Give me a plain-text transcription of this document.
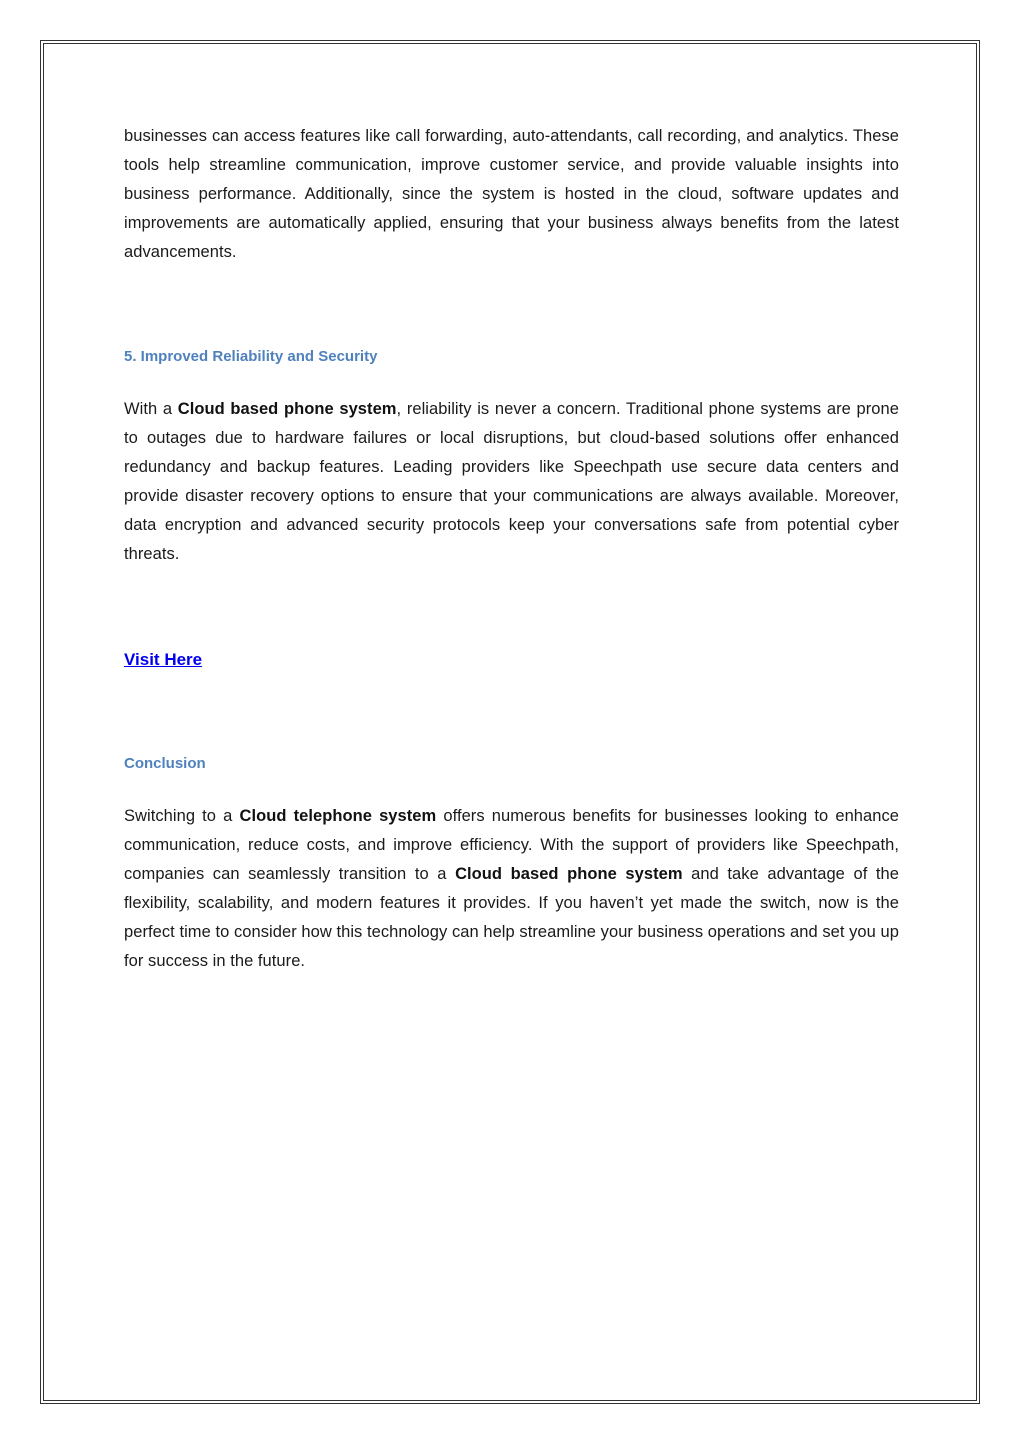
businesses can access features like call forwarding, auto-attendants, call recording, and analytics. These tools help streamline communication, improve customer service, and provide valuable insights into business performance. Additionally, since the system is hosted in the cloud, software updates and improvements are automatically applied, ensuring that your business always benefits from the latest advancements.

5. Improved Reliability and Security

With a Cloud based phone system, reliability is never a concern. Traditional phone systems are prone to outages due to hardware failures or local disruptions, but cloud-based solutions offer enhanced redundancy and backup features. Leading providers like Speechpath use secure data centers and provide disaster recovery options to ensure that your communications are always available. Moreover, data encryption and advanced security protocols keep your conversations safe from potential cyber threats.

Visit Here
Conclusion

Switching to a Cloud telephone system offers numerous benefits for businesses looking to enhance communication, reduce costs, and improve efficiency. With the support of providers like Speechpath, companies can seamlessly transition to a Cloud based phone system and take advantage of the flexibility, scalability, and modern features it provides. If you haven’t yet made the switch, now is the perfect time to consider how this technology can help streamline your business operations and set you up for success in the future.
